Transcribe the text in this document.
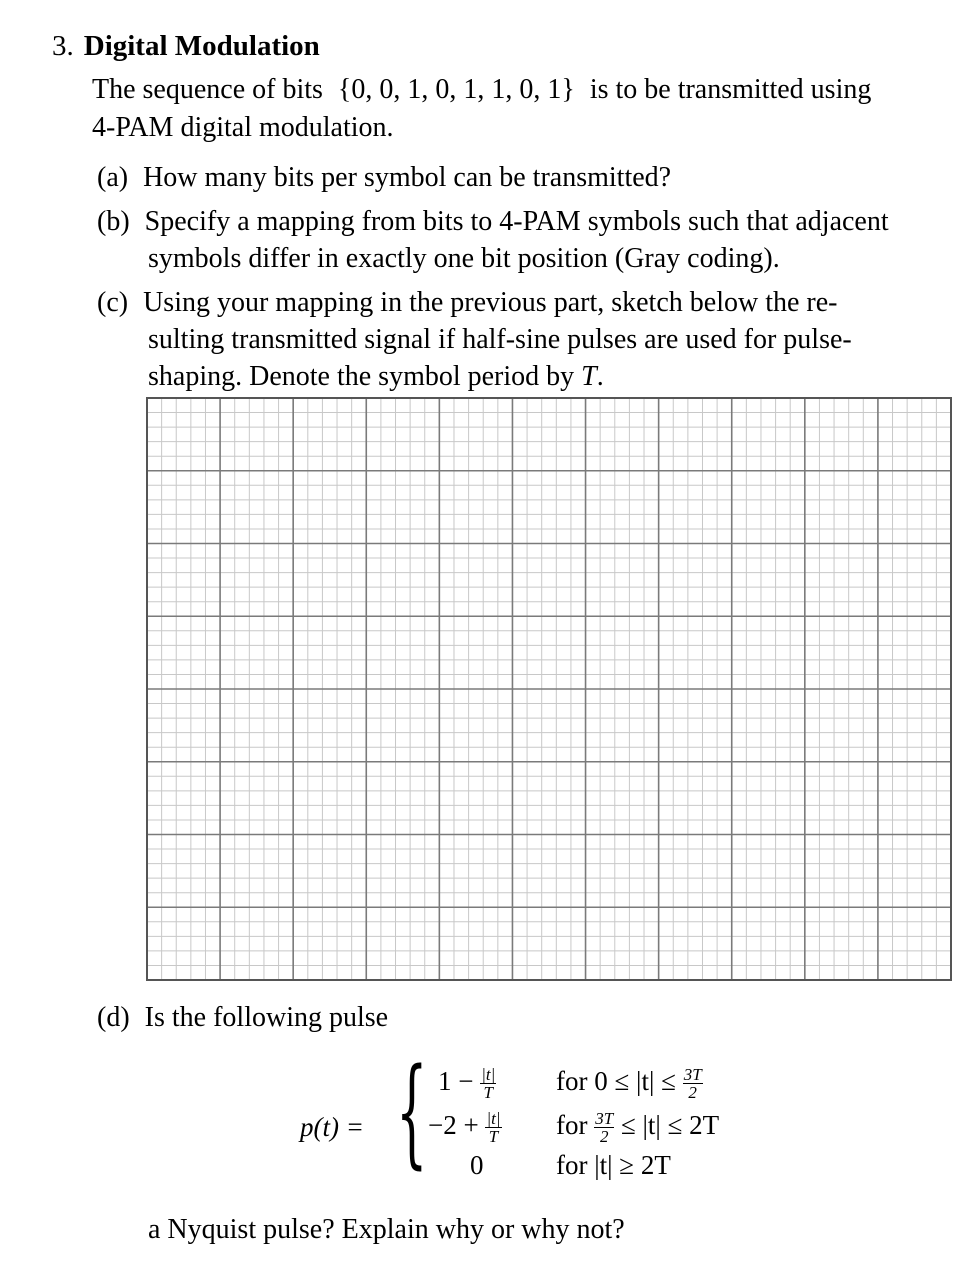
3. Digital Modulation
The sequence of bits {0, 0, 1, 0, 1, 1, 0, 1} is to be transmitted using
4-PAM digital modulation.
(a) How many bits per symbol can be transmitted?
(b) Specify a mapping from bits to 4-PAM symbols such that adjacent
symbols differ in exactly one bit position (Gray coding).
(c) Using your mapping in the previous part, sketch below the re-
sulting transmitted signal if half-sine pulses are used for pulse-
shaping. Denote the symbol period by T.
(d) Is the following pulse
p(t) = { $1 - \frac{|t|}{T}$ for $0 \le |t| \le \frac{3T}{2}$
$-2 + \frac{|t|}{T}$ for $\frac{3T}{2} \le |t| \le 2T$
0	for |t| ≥ 2T
a Nyquist pulse? Explain why or why not?
